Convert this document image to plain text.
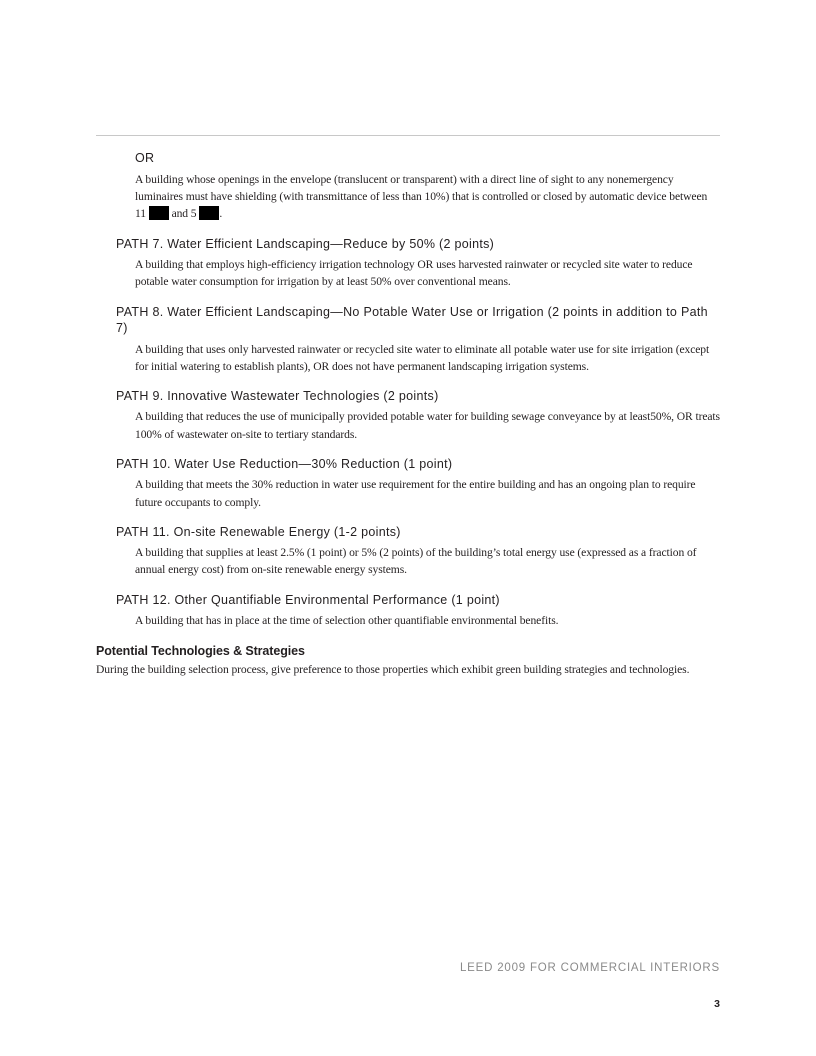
OR

A building whose openings in the envelope (translucent or transparent) with a direct line of sight to any nonemergency luminaires must have shielding (with transmittance of less than 10%) that is controlled or closed by automatic device between 11  and 5 .

PATH 7. Water Efficient Landscaping—Reduce by 50% (2 points)

A building that employs high-efficiency irrigation technology OR uses harvested rainwater or recycled site water to reduce potable water consumption for irrigation by at least 50% over conventional means.

PATH 8. Water Efficient Landscaping—No Potable Water Use or Irrigation (2 points in addition to Path 7)

A building that uses only harvested rainwater or recycled site water to eliminate all potable water use for site irrigation (except for initial watering to establish plants), OR does not have permanent landscaping irrigation systems.

PATH 9. Innovative Wastewater Technologies (2 points)

A building that reduces the use of municipally provided potable water for building sewage conveyance by at least50%, OR treats 100% of wastewater on-site to tertiary standards.

PATH 10. Water Use Reduction—30% Reduction (1 point)

A building that meets the 30% reduction in water use requirement for the entire building and has an ongoing plan to require future occupants to comply.

PATH 11. On-site Renewable Energy (1-2 points)

A building that supplies at least 2.5% (1 point) or 5% (2 points) of the building’s total energy use (expressed as a fraction of annual energy cost) from on-site renewable energy systems.

PATH 12. Other Quantifiable Environmental Performance (1 point)

A building that has in place at the time of selection other quantifiable environmental benefits.

Potential Technologies & Strategies

During the building selection process, give preference to those properties which exhibit green building strategies and technologies.

LEED 2009 FOR COMMERCIAL INTERIORS
3
